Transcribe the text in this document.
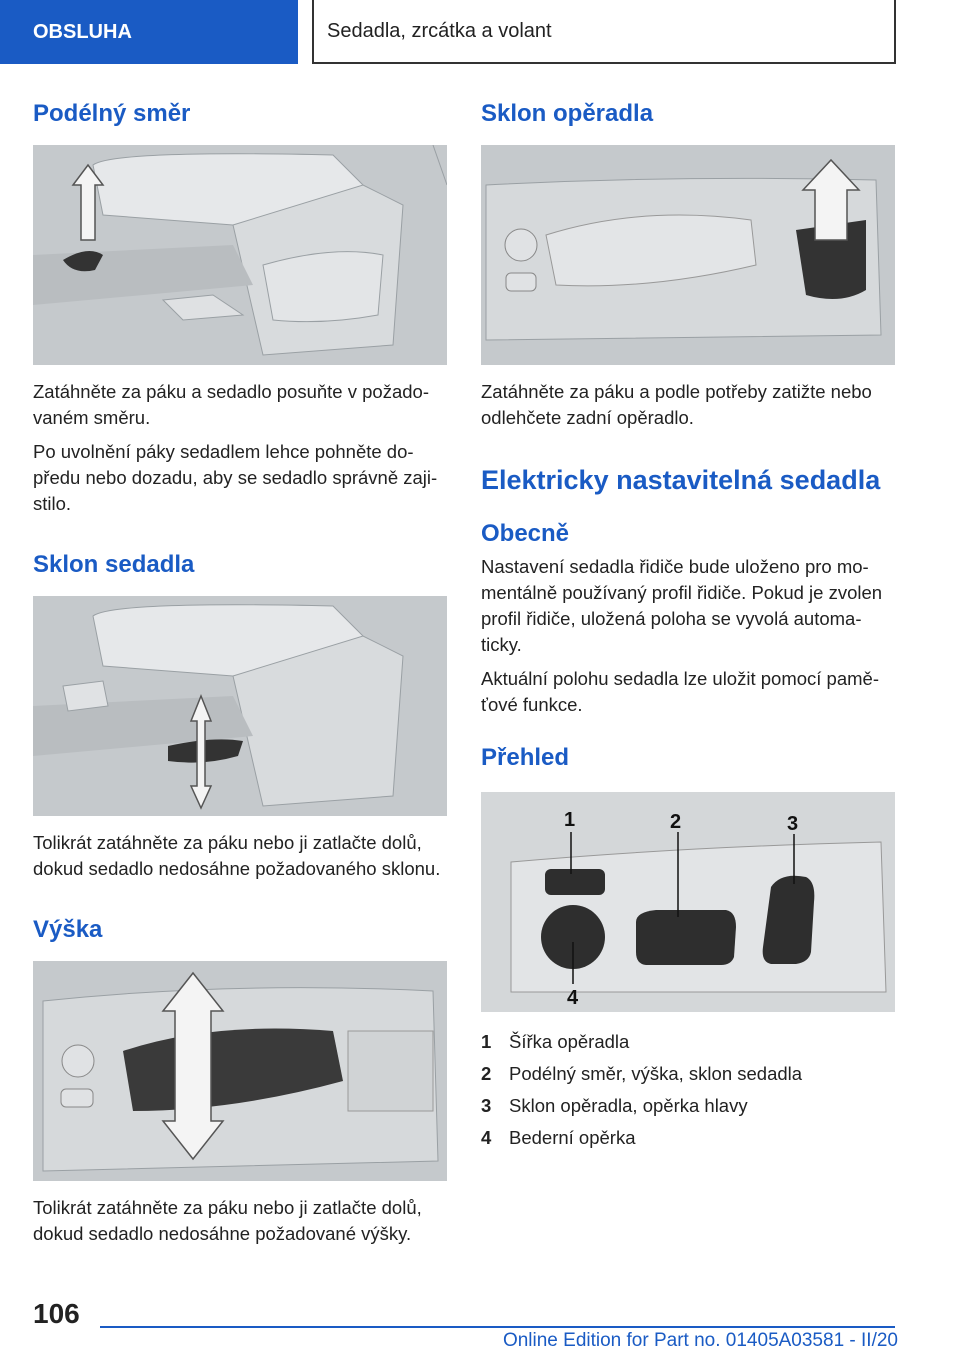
OBSLUHA	Sedadla, zrcátka a volant
Podélný směr

Zatáhněte za páku a sedadlo posuňte v požado-vaném směru.

Po uvolnění páky sedadlem lehce pohněte do-předu nebo dozadu, aby se sedadlo správně zaji-stilo.

Sklon sedadla

Tolikrát zatáhněte za páku nebo ji zatlačte dolů, dokud sedadlo nedosáhne požadovaného sklonu.

Výška

Tolikrát zatáhněte za páku nebo ji zatlačte dolů, dokud sedadlo nedosáhne požadované výšky.

Sklon opěradla

Zatáhněte za páku a podle potřeby zatižte nebo odlehčete zadní opěradlo.

Elektricky nastavitelná sedadla
Obecně

Nastavení sedadla řidiče bude uloženo pro mo-mentálně používaný profil řidiče. Pokud je zvolen profil řidiče, uložená poloha se vyvolá automa-ticky.

Aktuální polohu sedadla lze uložit pomocí pamě-ťové funkce.

Přehled
1	2	3
4
1 Šířka opěradla
2 Podélný směr, výška, sklon sedadla
3 Sklon opěradla, opěrka hlavy
4 Bederní opěrka
106
Online Edition for Part no. 01405A03581 - II/20
